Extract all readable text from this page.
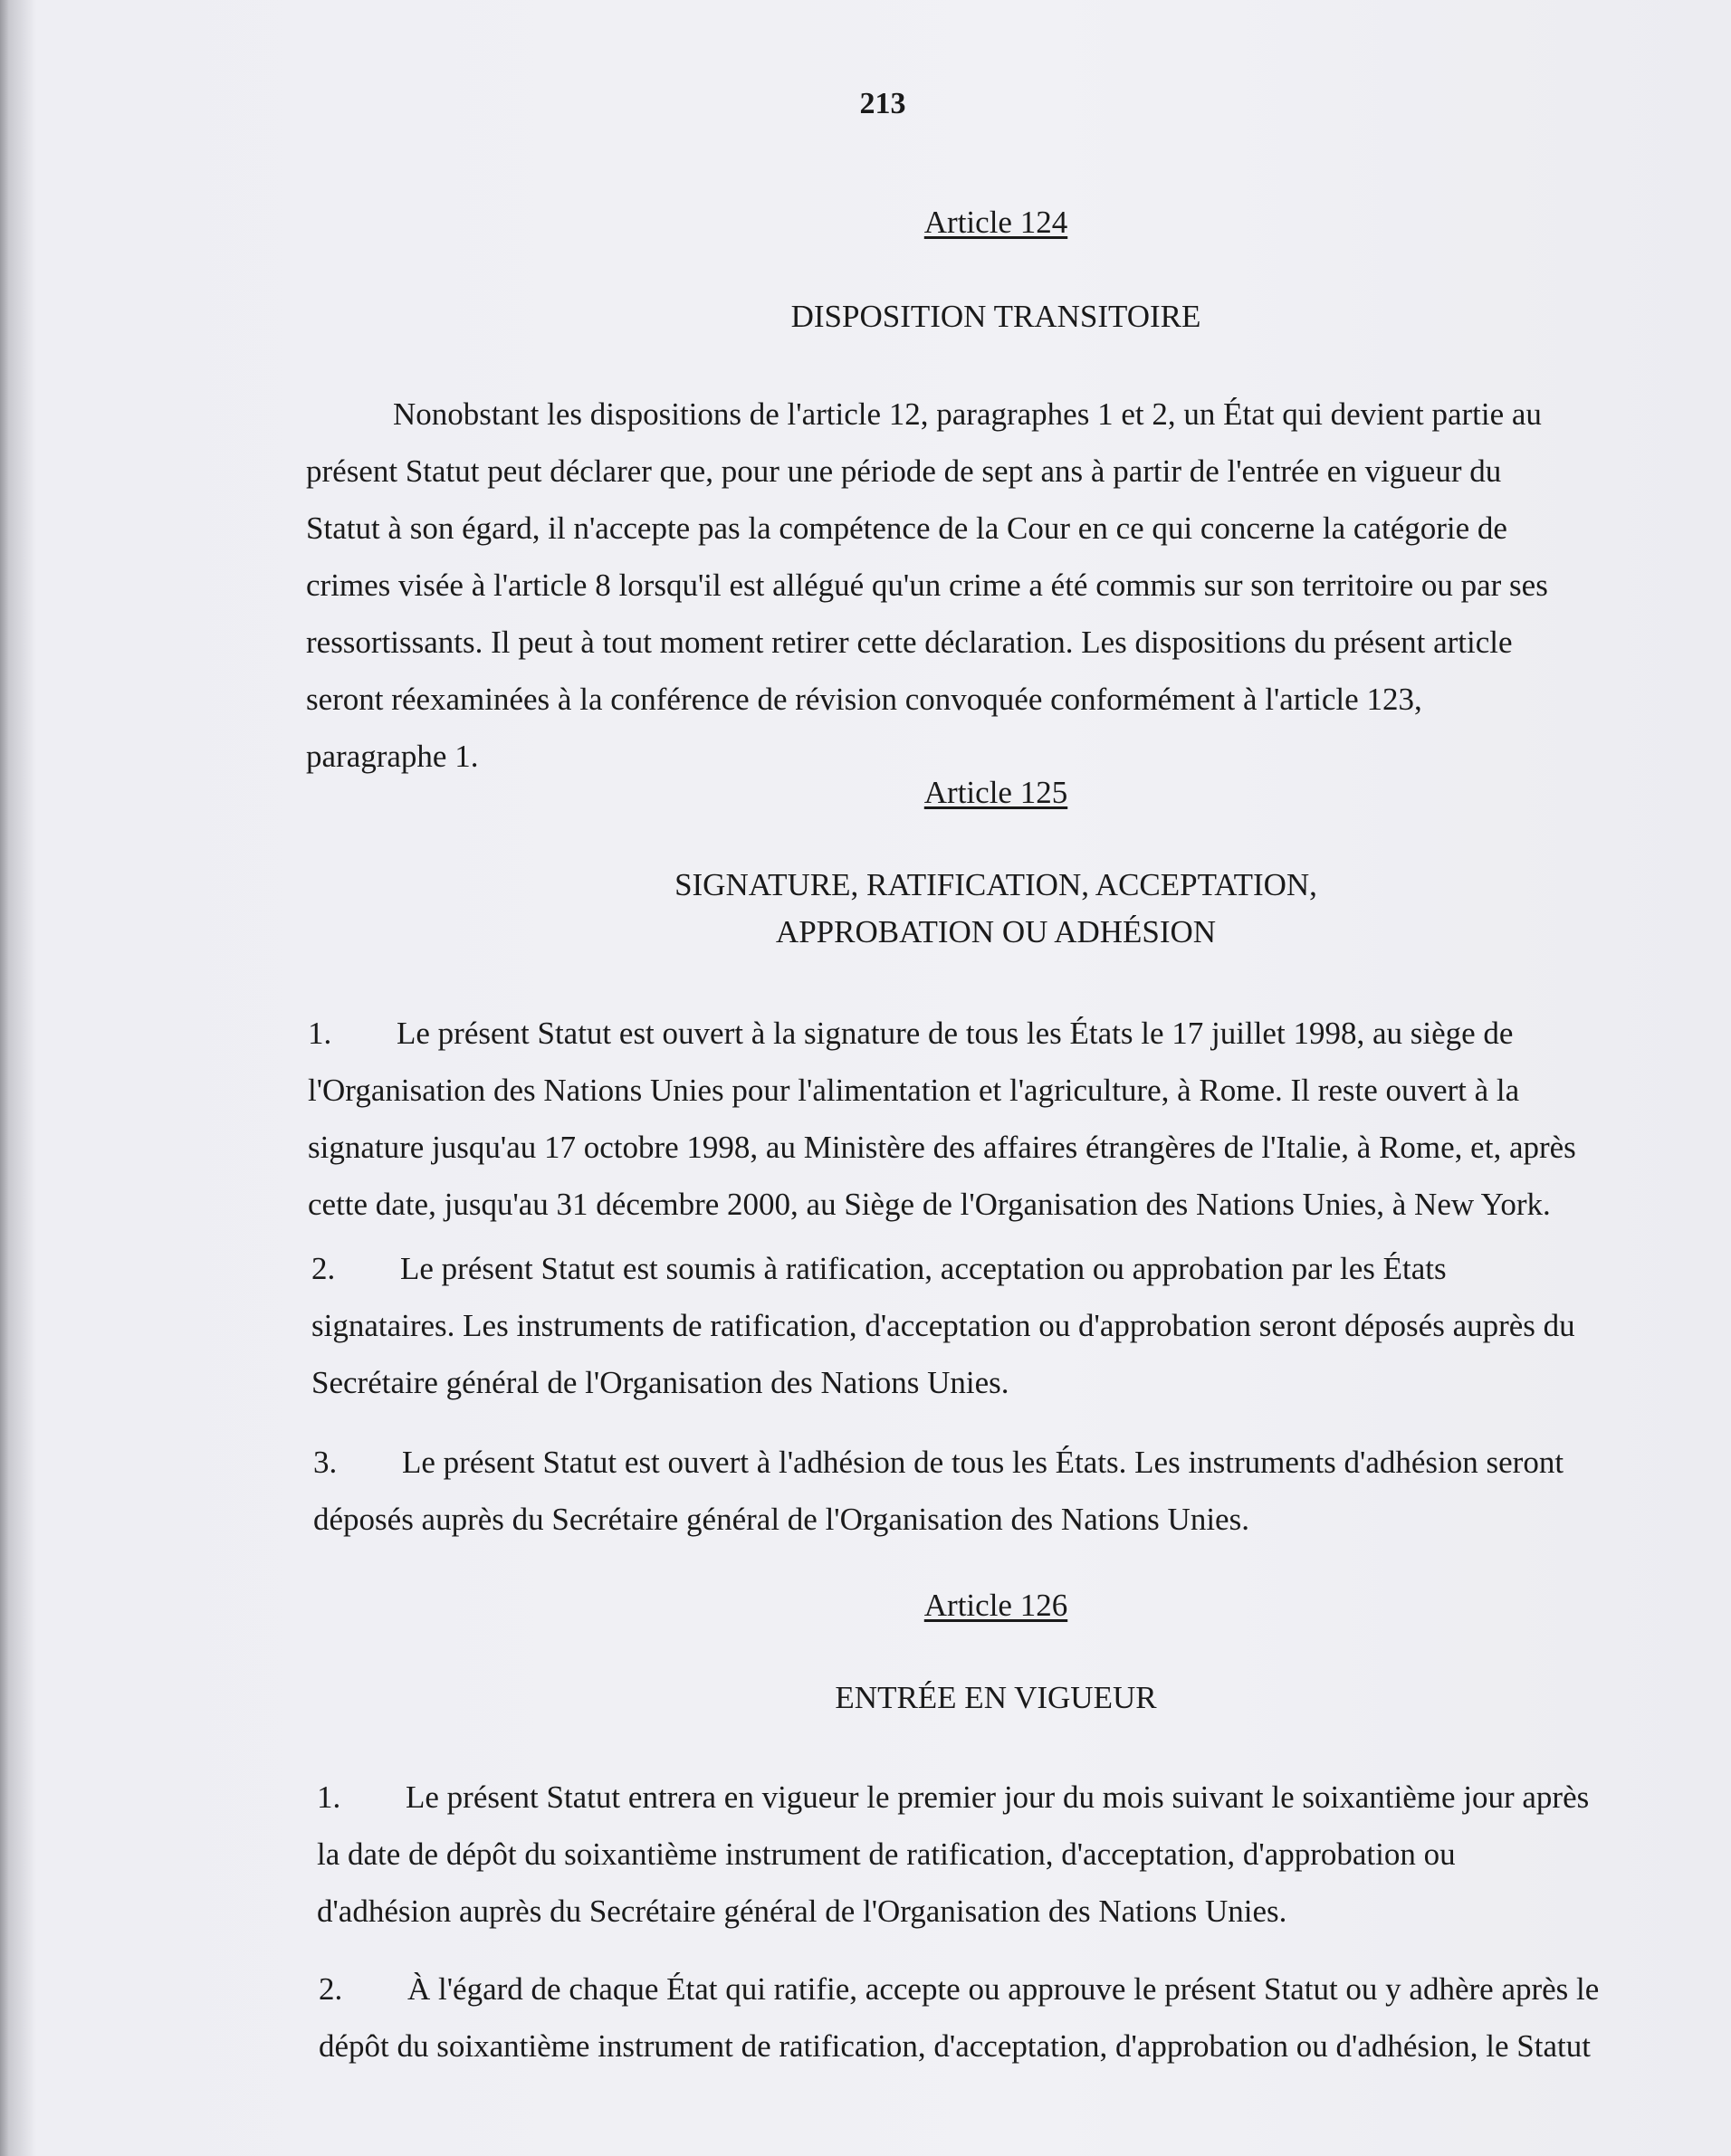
213
Article 124
DISPOSITION TRANSITOIRE
Nonobstant les dispositions de l'article 12, paragraphes 1 et 2, un État qui devient partie au
présent Statut peut déclarer que, pour une période de sept ans à partir de l'entrée en vigueur du
Statut à son égard, il n'accepte pas la compétence de la Cour en ce qui concerne la catégorie de
crimes visée à l'article 8 lorsqu'il est allégué qu'un crime a été commis sur son territoire ou par ses
ressortissants. Il peut à tout moment retirer cette déclaration. Les dispositions du présent article
seront réexaminées à la conférence de révision convoquée conformément à l'article 123,
paragraphe 1.
Article 125
SIGNATURE, RATIFICATION, ACCEPTATION,
APPROBATION OU ADHÉSION
1. Le présent Statut est ouvert à la signature de tous les États le 17 juillet 1998, au siège de
l'Organisation des Nations Unies pour l'alimentation et l'agriculture, à Rome. Il reste ouvert à la
signature jusqu'au 17 octobre 1998, au Ministère des affaires étrangères de l'Italie, à Rome, et, après
cette date, jusqu'au 31 décembre 2000, au Siège de l'Organisation des Nations Unies, à New York.
2. Le présent Statut est soumis à ratification, acceptation ou approbation par les États
signataires. Les instruments de ratification, d'acceptation ou d'approbation seront déposés auprès du
Secrétaire général de l'Organisation des Nations Unies.
3. Le présent Statut est ouvert à l'adhésion de tous les États. Les instruments d'adhésion seront
déposés auprès du Secrétaire général de l'Organisation des Nations Unies.
Article 126
ENTRÉE EN VIGUEUR
1. Le présent Statut entrera en vigueur le premier jour du mois suivant le soixantième jour après
la date de dépôt du soixantième instrument de ratification, d'acceptation, d'approbation ou
d'adhésion auprès du Secrétaire général de l'Organisation des Nations Unies.
2. À l'égard de chaque État qui ratifie, accepte ou approuve le présent Statut ou y adhère après le
dépôt du soixantième instrument de ratification, d'acceptation, d'approbation ou d'adhésion, le Statut
